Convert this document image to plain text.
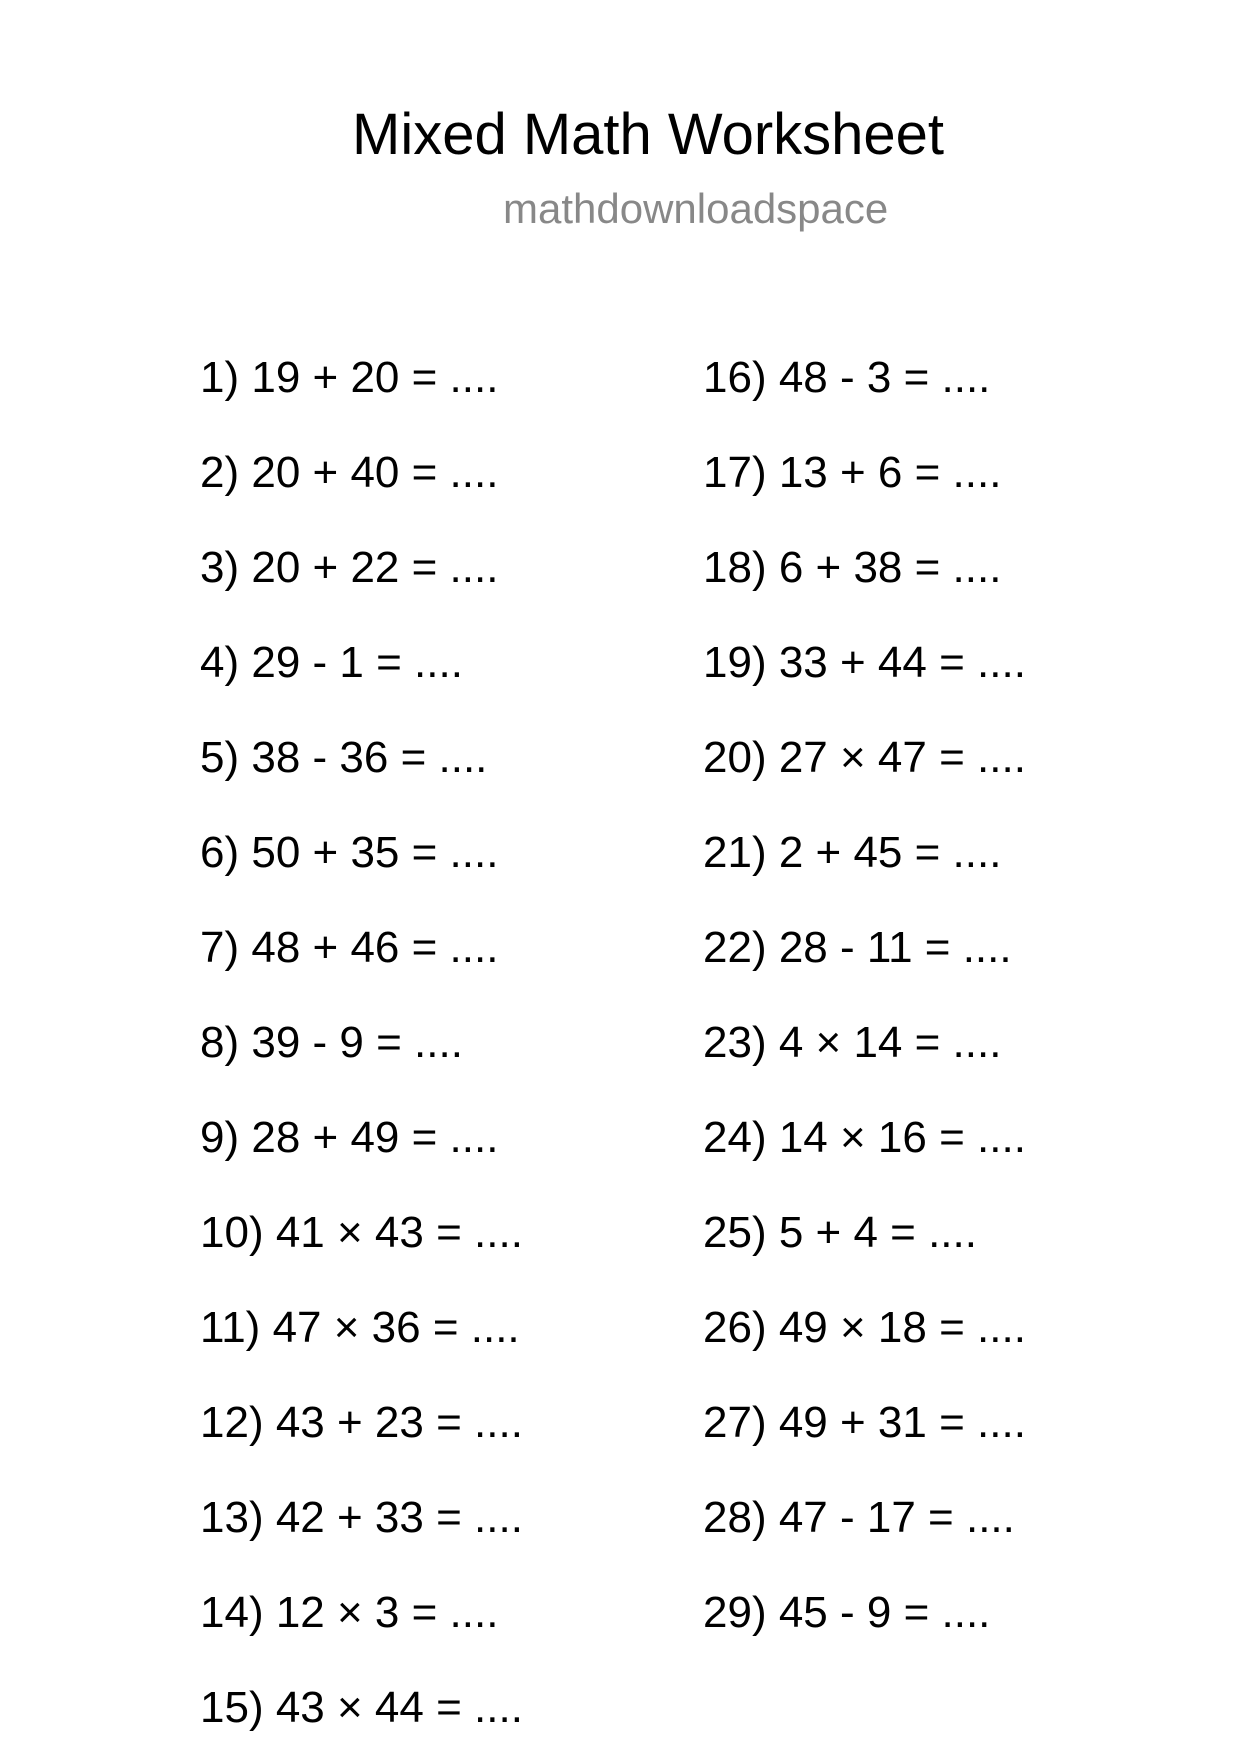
Mixed Math Worksheet
mathdownloadspace
1) 19 + 20 = ....
2) 20 + 40 = ....
3) 20 + 22 = ....
4) 29 - 1 = ....
5) 38 - 36 = ....
6) 50 + 35 = ....
7) 48 + 46 = ....
8) 39 - 9 = ....
9) 28 + 49 = ....
10) 41 × 43 = ....
11) 47 × 36 = ....
12) 43 + 23 = ....
13) 42 + 33 = ....
14) 12 × 3 = ....
15) 43 × 44 = ....
16) 48 - 3 = ....
17) 13 + 6 = ....
18) 6 + 38 = ....
19) 33 + 44 = ....
20) 27 × 47 = ....
21) 2 + 45 = ....
22) 28 - 11 = ....
23) 4 × 14 = ....
24) 14 × 16 = ....
25) 5 + 4 = ....
26) 49 × 18 = ....
27) 49 + 31 = ....
28) 47 - 17 = ....
29) 45 - 9 = ....
